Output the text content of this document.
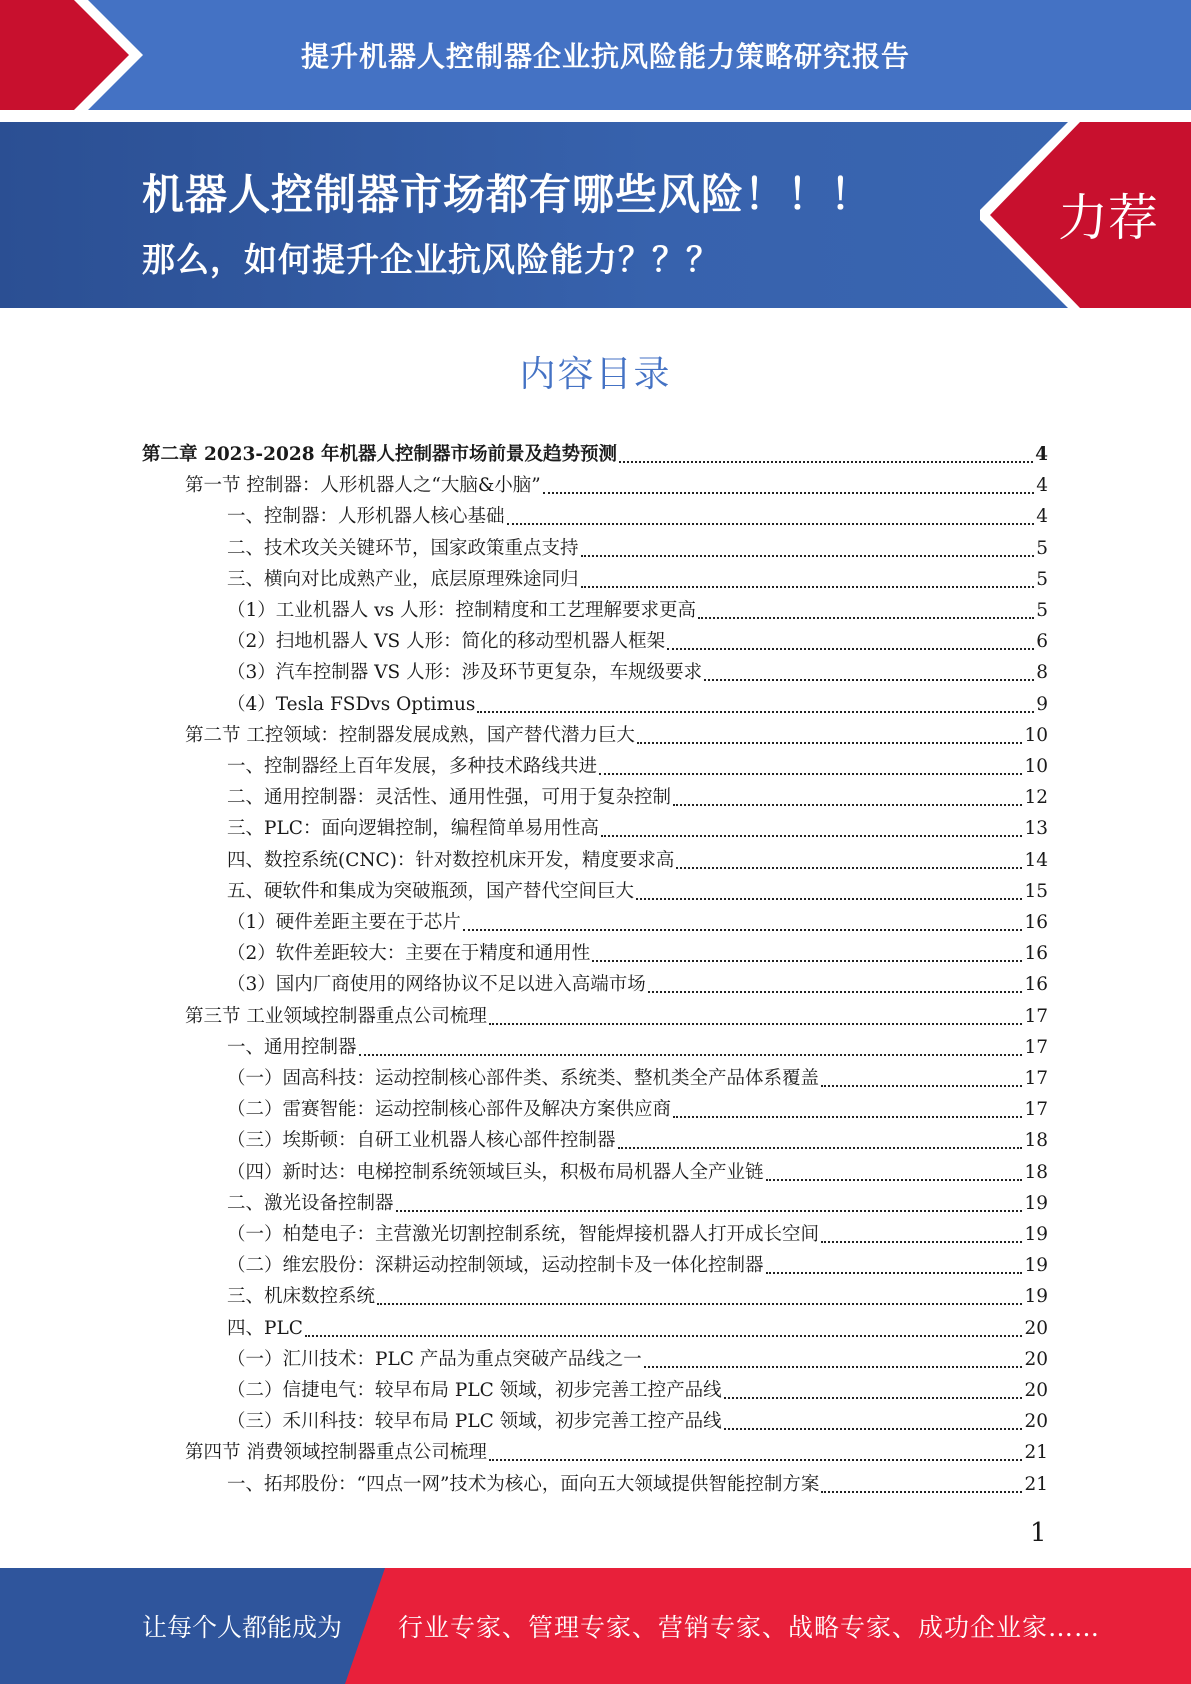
提升机器人控制器企业抗风险能力策略研究报告
机器人控制器市场都有哪些风险！！！
那么，如何提升企业抗风险能力？？？
力荐
内容目录
第二章 2023-2028 年机器人控制器市场前景及趋势预测	4
第一节 控制器：人形机器人之“大脑&小脑”	4
一、控制器：人形机器人核心基础	4
二、技术攻关关键环节，国家政策重点支持	5
三、横向对比成熟产业，底层原理殊途同归	5
（1）工业机器人 vs 人形：控制精度和工艺理解要求更高	5
（2）扫地机器人 VS 人形：简化的移动型机器人框架	6
（3）汽车控制器 VS 人形：涉及环节更复杂，车规级要求	8
（4）Tesla FSDvs Optimus	9
第二节 工控领域：控制器发展成熟，国产替代潜力巨大	10
一、控制器经上百年发展，多种技术路线共进	10
二、通用控制器：灵活性、通用性强，可用于复杂控制	12
三、PLC：面向逻辑控制，编程简单易用性高	13
四、数控系统(CNC)：针对数控机床开发，精度要求高	14
五、硬软件和集成为突破瓶颈，国产替代空间巨大	15
（1）硬件差距主要在于芯片	16
（2）软件差距较大：主要在于精度和通用性	16
（3）国内厂商使用的网络协议不足以进入高端市场	16
第三节 工业领域控制器重点公司梳理	17
一、通用控制器	17
（一）固高科技：运动控制核心部件类、系统类、整机类全产品体系覆盖	17
（二）雷赛智能：运动控制核心部件及解决方案供应商	17
（三）埃斯顿：自研工业机器人核心部件控制器	18
（四）新时达：电梯控制系统领域巨头，积极布局机器人全产业链	18
二、激光设备控制器	19
（一）柏楚电子：主营激光切割控制系统，智能焊接机器人打开成长空间	19
（二）维宏股份：深耕运动控制领域，运动控制卡及一体化控制器	19
三、机床数控系统	19
四、PLC	20
（一）汇川技术：PLC 产品为重点突破产品线之一	20
（二）信捷电气：较早布局 PLC 领域，初步完善工控产品线	20
（三）禾川科技：较早布局 PLC 领域，初步完善工控产品线	20
第四节 消费领域控制器重点公司梳理	21
一、拓邦股份：“四点一网”技术为核心，面向五大领域提供智能控制方案	21
1
让每个人都能成为 行业专家、管理专家、营销专家、战略专家、成功企业家……
